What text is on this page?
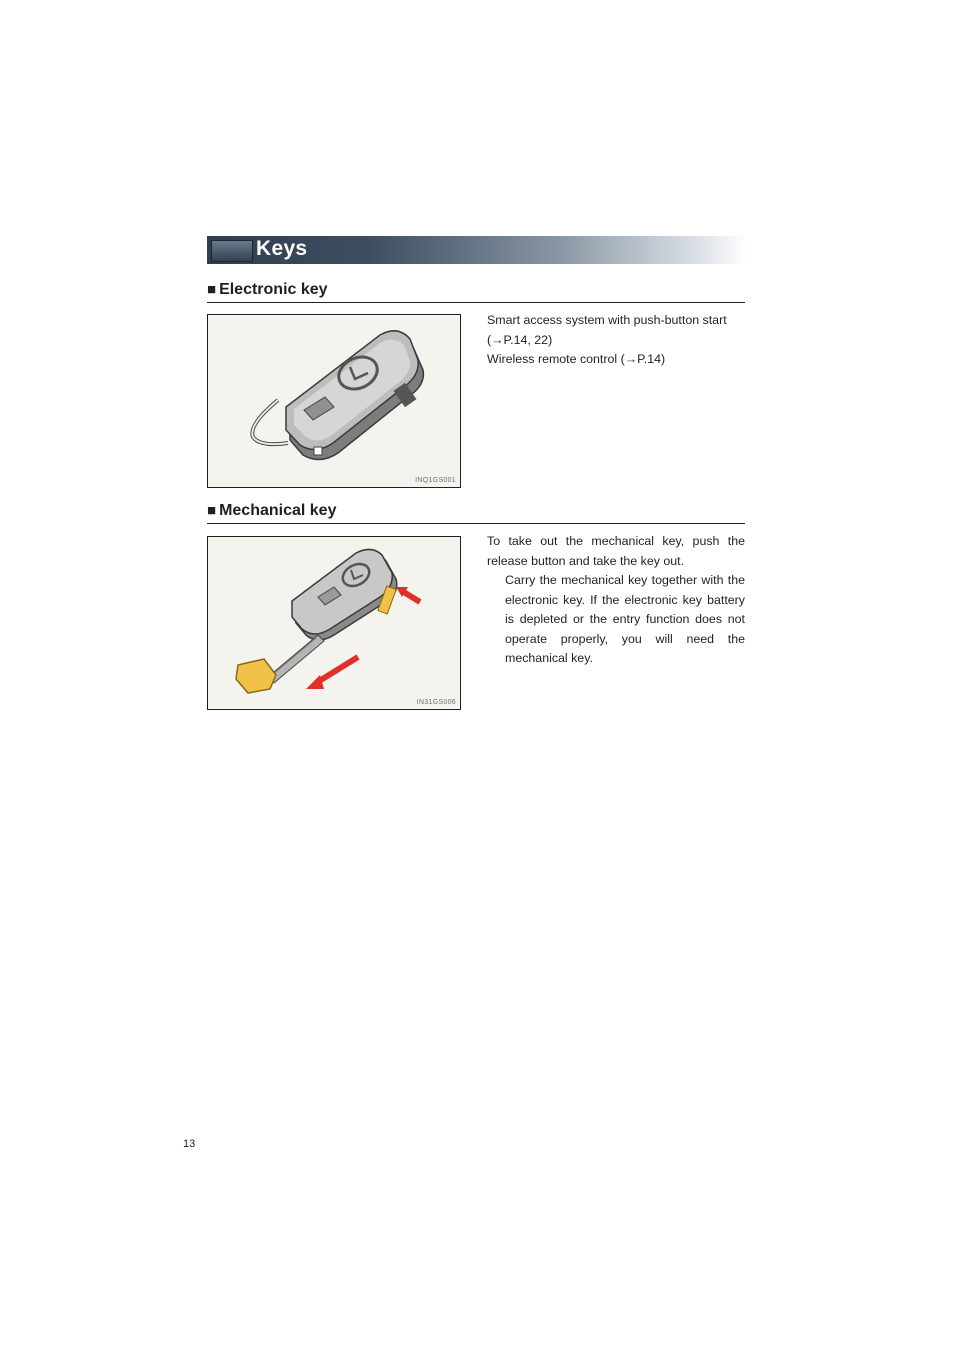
Keys
■ Electronic key
INQ1GS001
Smart access system with push-button start
(→P.14, 22)
Wireless remote control (→P.14)
■ Mechanical key
IN31GS006
To take out the mechanical key, push the release button and take the key out.
Carry the mechanical key together with the electronic key. If the electronic key battery is depleted or the entry function does not operate properly, you will need the mechanical key.
13
